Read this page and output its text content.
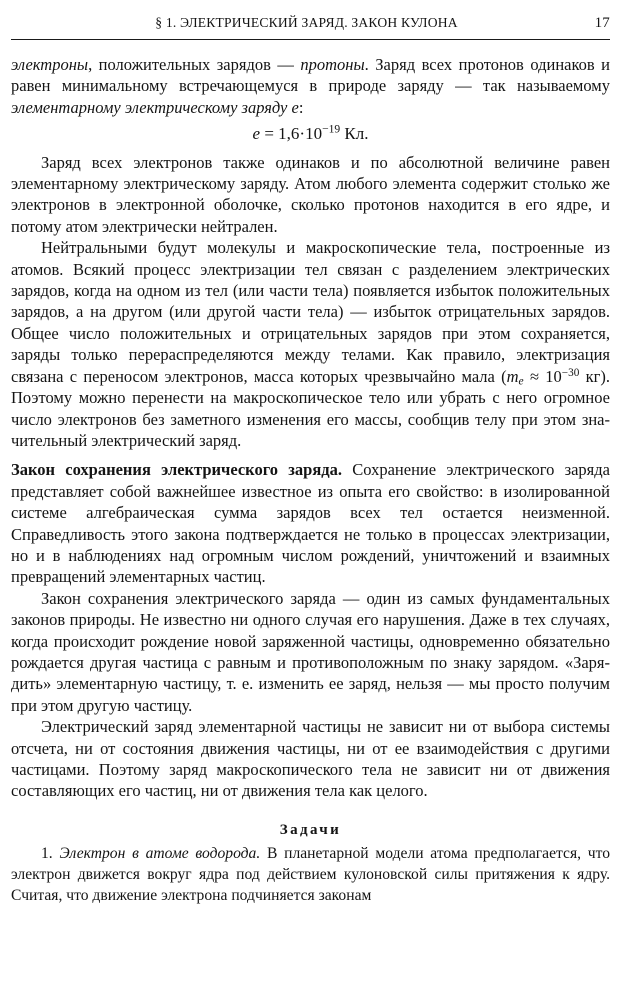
§ 1. ЭЛЕКТРИЧЕСКИЙ ЗАРЯД. ЗАКОН КУЛОНА	17

электроны, положительных зарядов — протоны. Заряд всех протонов одинаков и равен минимальному встречающемуся в природе заряду — так называемому элементарному электрическому заряду e:

$e = 1,6\cdot 10^{-19}$ Кл.

Заряд всех электронов также одинаков и по абсолютной величине равен элементарному электрическому заряду. Атом любого элемента содержит столько же электронов в электронной оболочке, сколько протонов находится в его ядре, и потому атом электрически нейтрален.

Нейтральными будут молекулы и макроскопические тела, построенные из атомов. Всякий процесс электризации тел связан с разделением электрических зарядов, когда на одном из тел (или части тела) появляется избыток положительных зарядов, а на другом (или другой части тела) — избыток отрицательных зарядов. Общее число положительных и отрицательных зарядов при этом сохраняется, заряды только перераспределяются между телами. Как правило, электризация связана с переносом электронов, масса которых чрезвычайно мала ($m_e \approx 10^{-30}$ кг). Поэтому можно перенести на макроскопическое тело или убрать с него огромное число электронов без заметного изменения его массы, сообщив телу при этом значительный электрический заряд.

Закон сохранения электрического заряда. Сохранение электрического заряда представляет собой важнейшее известное из опыта его свойство: в изолированной системе алгебраическая сумма зарядов всех тел остается неизменной. Справедливость этого закона подтверждается не только в процессах электризации, но и в наблюдениях над огромным числом рождений, уничтожений и взаимных превращений элементарных частиц.

Закон сохранения электрического заряда — один из самых фундаментальных законов природы. Не известно ни одного случая его нарушения. Даже в тех случаях, когда происходит рождение новой заряженной частицы, одновременно обязательно рождается другая частица с равным и противоположным по знаку зарядом. «Зарядить» элементарную частицу, т. е. изменить ее заряд, нельзя — мы просто получим при этом другую частицу.

Электрический заряд элементарной частицы не зависит ни от выбора системы отсчета, ни от состояния движения частицы, ни от ее взаимодействия с другими частицами. Поэтому заряд макроскопического тела не зависит ни от движения составляющих его частиц, ни от движения тела как целого.

Задачи

1. Электрон в атоме водорода. В планетарной модели атома предполагается, что электрон движется вокруг ядра под действием кулоновской силы притяжения к ядру. Считая, что движение электрона подчиняется законам
